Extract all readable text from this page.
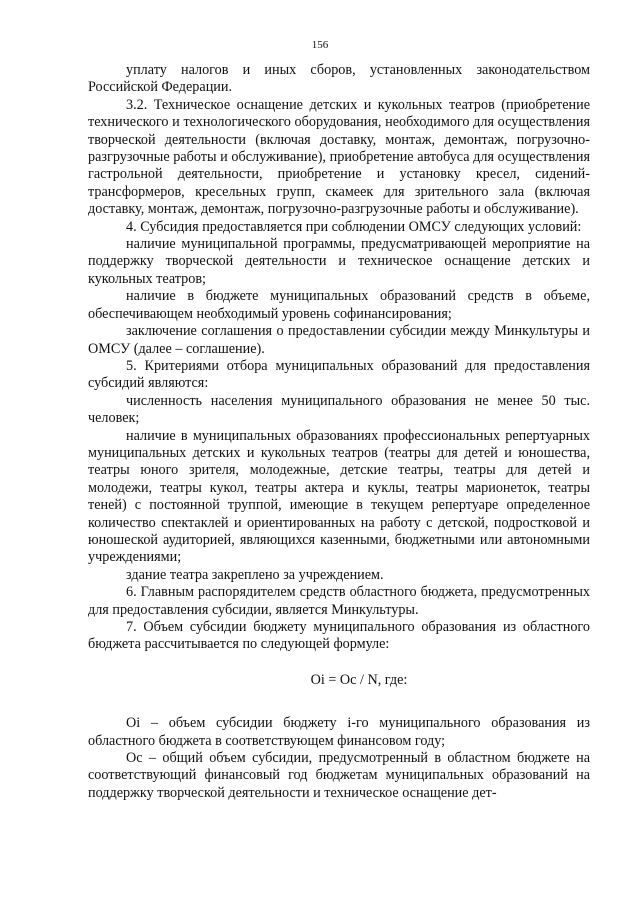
156

уплату налогов и иных сборов, установленных законодательством Российской Федерации.

3.2. Техническое оснащение детских и кукольных театров (приобретение технического и технологического оборудования, необходимого для осуществления творческой деятельности (включая доставку, монтаж, демонтаж, погрузочно-разгрузочные работы и обслуживание), приобретение автобуса для осуществления гастрольной деятельности, приобретение и установку кресел, сидений-трансформеров, кресельных групп, скамеек для зрительного зала (включая доставку, монтаж, демонтаж, погрузочно-разгрузочные работы и обслуживание).

4. Субсидия предоставляется при соблюдении ОМСУ следующих условий:

наличие муниципальной программы, предусматривающей мероприятие на поддержку творческой деятельности и техническое оснащение детских и кукольных театров;

наличие в бюджете муниципальных образований средств в объеме, обеспечивающем необходимый уровень софинансирования;

заключение соглашения о предоставлении субсидии между Минкультуры и ОМСУ (далее – соглашение).

5. Критериями отбора муниципальных образований для предоставления субсидий являются:

численность населения муниципального образования не менее 50 тыс. человек;

наличие в муниципальных образованиях профессиональных репертуарных муниципальных детских и кукольных театров (театры для детей и юношества, театры юного зрителя, молодежные, детские театры, театры для детей и молодежи, театры кукол, театры актера и куклы, театры марионеток, театры теней) с постоянной труппой, имеющие в текущем репертуаре определенное количество спектаклей и ориентированных на работу с детской, подростковой и юношеской аудиторией, являющихся казенными, бюджетными или автономными учреждениями;

здание театра закреплено за учреждением.

6. Главным распорядителем средств областного бюджета, предусмотренных для предоставления субсидии, является Минкультуры.

7. Объем субсидии бюджету муниципального образования из областного бюджета рассчитывается по следующей формуле:

Oi = Oc / N, где:

Oi – объем субсидии бюджету i-го муниципального образования из областного бюджета в соответствующем финансовом году;

Oc – общий объем субсидии, предусмотренный в областном бюджете на соответствующий финансовый год бюджетам муниципальных образований на поддержку творческой деятельности и техническое оснащение дет-
